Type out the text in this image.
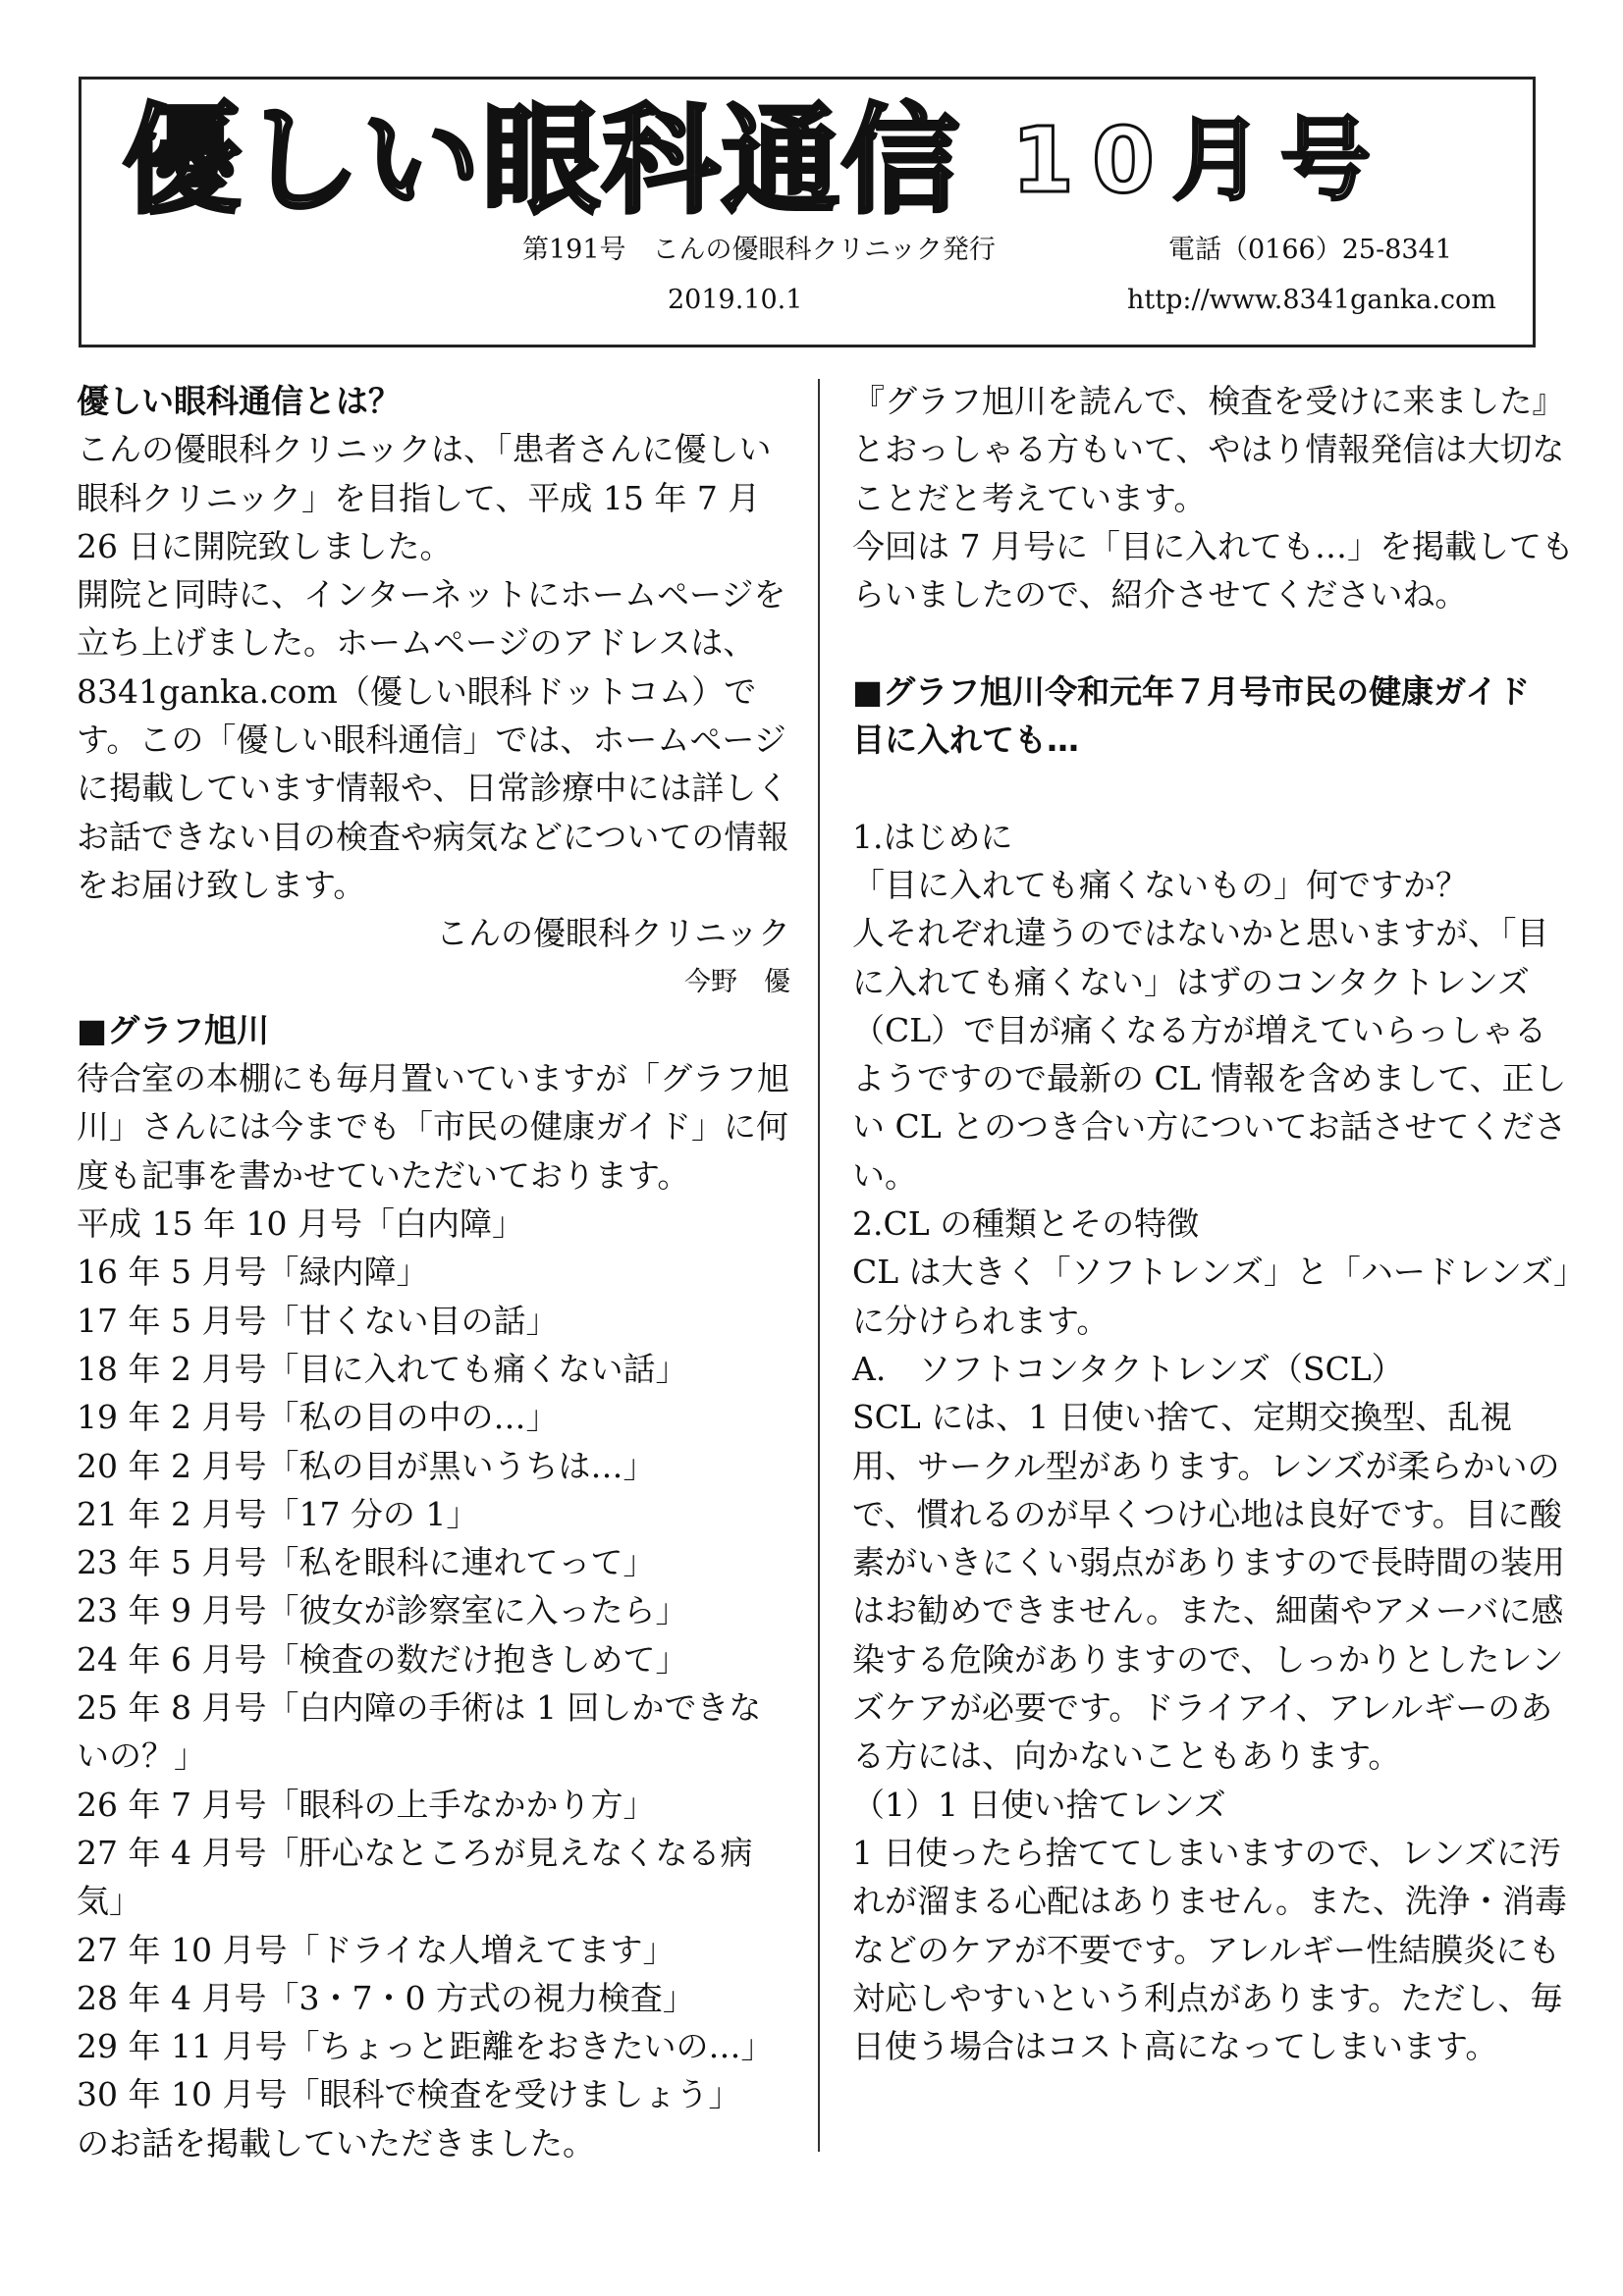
優しい眼科通信 10月号
第191号　こんの優眼科クリニック発行	電話（0166）25-8341
2019.10.1	http://www.8341ganka.com

優しい眼科通信とは？

こんの優眼科クリニックは、「患者さんに優しい眼科クリニック」を目指して、平成 15 年 7 月 26 日に開院致しました。

開院と同時に、インターネットにホームページを立ち上げました。ホームページのアドレスは、8341ganka.com（優しい眼科ドットコム）です。この「優しい眼科通信」では、ホームページに掲載しています情報や、日常診療中には詳しくお話できない目の検査や病気などについての情報をお届け致します。

こんの優眼科クリニック

今野　優

■グラフ旭川

待合室の本棚にも毎月置いていますが「グラフ旭川」さんには今までも「市民の健康ガイド」に何度も記事を書かせていただいております。

平成 15 年 10 月号「白内障」

16 年 5 月号「緑内障」

17 年 5 月号「甘くない目の話」

18 年 2 月号「目に入れても痛くない話」

19 年 2 月号「私の目の中の…」

20 年 2 月号「私の目が黒いうちは…」

21 年 2 月号「17 分の 1」

23 年 5 月号「私を眼科に連れてって」

23 年 9 月号「彼女が診察室に入ったら」

24 年 6 月号「検査の数だけ抱きしめて」

25 年 8 月号「白内障の手術は 1 回しかできないの？」

26 年 7 月号「眼科の上手なかかり方」

27 年 4 月号「肝心なところが見えなくなる病気」

27 年 10 月号「ドライな人増えてます」

28 年 4 月号「3・7・0 方式の視力検査」

29 年 11 月号「ちょっと距離をおきたいの…」

30 年 10 月号「眼科で検査を受けましょう」

のお話を掲載していただきました。

『グラフ旭川を読んで、検査を受けに来ました』とおっしゃる方もいて、やはり情報発信は大切なことだと考えています。

今回は 7 月号に「目に入れても…」を掲載してもらいましたので、紹介させてくださいね。

■グラフ旭川令和元年７月号市民の健康ガイド

目に入れても…

1.はじめに

「目に入れても痛くないもの」何ですか？

人それぞれ違うのではないかと思いますが、「目に入れても痛くない」はずのコンタクトレンズ（CL）で目が痛くなる方が増えていらっしゃるようですので最新の CL 情報を含めまして、正しい CL とのつき合い方についてお話させてください。

2.CL の種類とその特徴

CL は大きく「ソフトレンズ」と「ハードレンズ」に分けられます。

A.　ソフトコンタクトレンズ（SCL）

SCL には、1 日使い捨て、定期交換型、乱視用、サークル型があります。レンズが柔らかいので、慣れるのが早くつけ心地は良好です。目に酸素がいきにくい弱点がありますので長時間の装用はお勧めできません。また、細菌やアメーバに感染する危険がありますので、しっかりとしたレンズケアが必要です。ドライアイ、アレルギーのある方には、向かないこともあります。

（1）1 日使い捨てレンズ

1 日使ったら捨ててしまいますので、レンズに汚れが溜まる心配はありません。また、洗浄・消毒などのケアが不要です。アレルギー性結膜炎にも対応しやすいという利点があります。ただし、毎日使う場合はコスト高になってしまいます。
